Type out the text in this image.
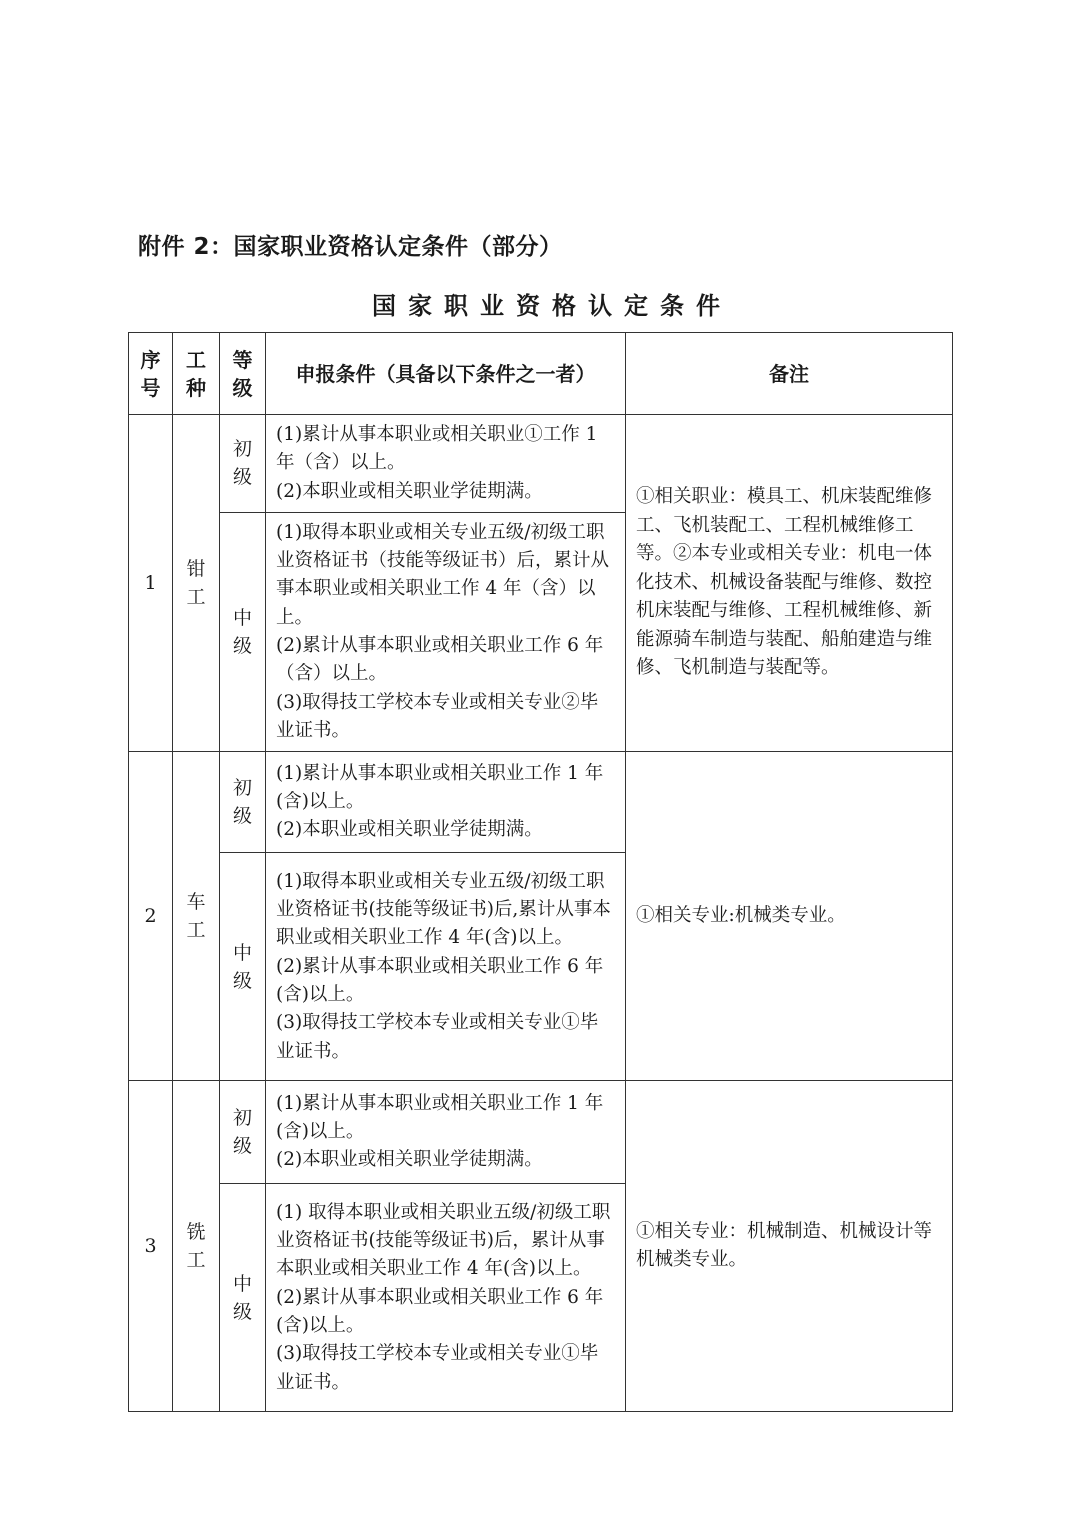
附件 2：国家职业资格认定条件（部分）
国家职业资格认定条件
序号	工种	等级	申报条件（具备以下条件之一者）	备注
1	钳工	初级	(1)累计从事本职业或相关职业①工作 1 年（含）以上。
(2)本职业或相关职业学徒期满。	①相关职业：模具工、机床装配维修工、飞机装配工、工程机械维修工等。②本专业或相关专业：机电一体化技术、机械设备装配与维修、数控机床装配与维修、工程机械维修、新能源骑车制造与装配、船舶建造与维修、飞机制造与装配等。
		中级	(1)取得本职业或相关专业五级/初级工职业资格证书（技能等级证书）后，累计从事本职业或相关职业工作 4 年（含）以上。
(2)累计从事本职业或相关职业工作 6 年（含）以上。
(3)取得技工学校本专业或相关专业②毕业证书。	

2	车工	初级	(1)累计从事本职业或相关职业工作 1 年(含)以上。
(2)本职业或相关职业学徒期满。	①相关专业:机械类专业。
		中级	(1)取得本职业或相关专业五级/初级工职业资格证书(技能等级证书)后,累计从事本职业或相关职业工作 4 年(含)以上。
(2)累计从事本职业或相关职业工作 6 年(含)以上。
(3)取得技工学校本专业或相关专业①毕业证书。	

3	铣工	初级	(1)累计从事本职业或相关职业工作 1 年(含)以上。
(2)本职业或相关职业学徒期满。	①相关专业：机械制造、机械设计等机械类专业。
		中级	(1) 取得本职业或相关职业五级/初级工职业资格证书(技能等级证书)后，累计从事本职业或相关职业工作 4 年(含)以上。
(2)累计从事本职业或相关职业工作 6 年(含)以上。
(3)取得技工学校本专业或相关专业①毕业证书。	
